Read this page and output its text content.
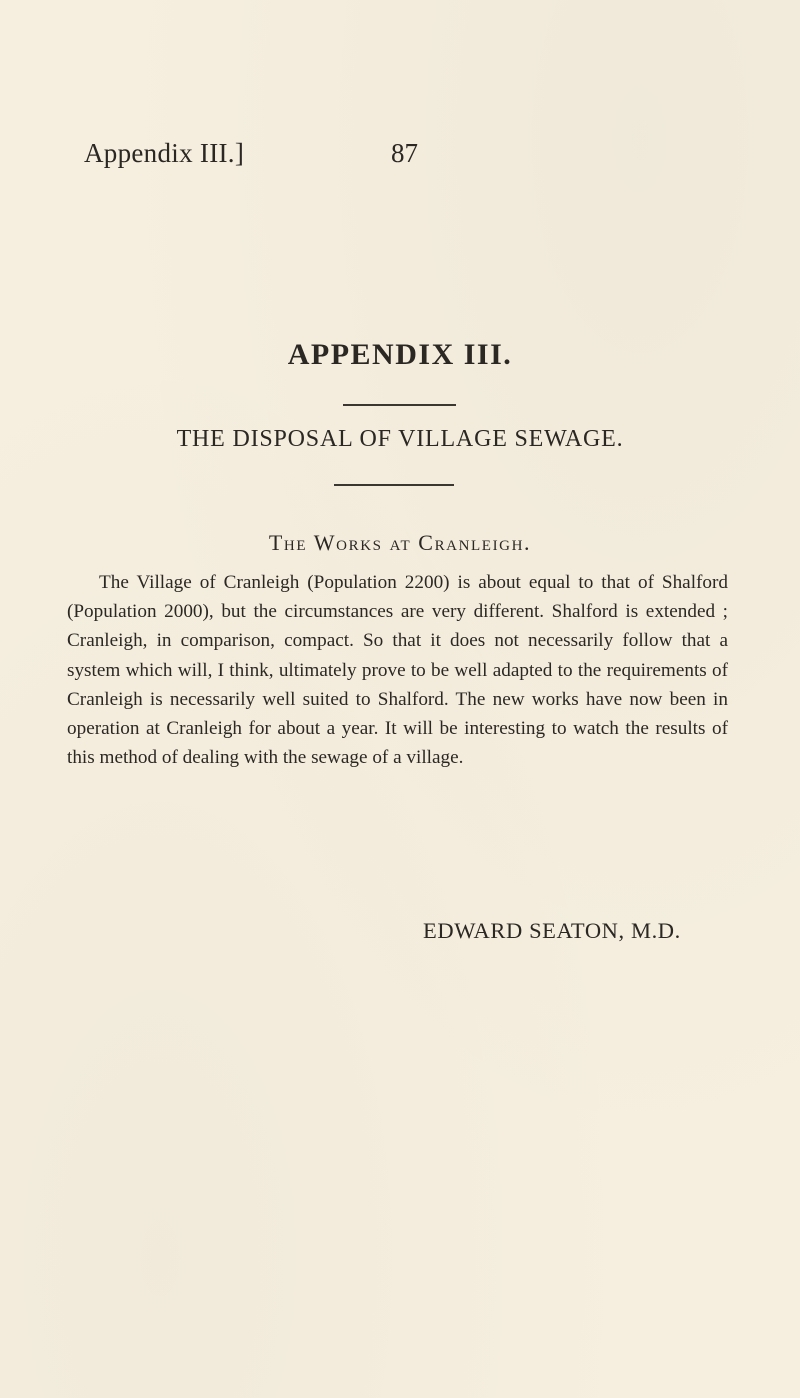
Appendix III.]	87
APPENDIX III.
THE DISPOSAL OF VILLAGE SEWAGE.
The Works at Cranleigh.

The Village of Cranleigh (Population 2200) is about equal to that of Shalford (Population 2000), but the circumstances are very different. Shalford is extended ; Cranleigh, in comparison, compact. So that it does not necessarily follow that a system which will, I think, ultimately prove to be well adapted to the requirements of Cranleigh is necessarily well suited to Shalford. The new works have now been in operation at Cranleigh for about a year. It will be interesting to watch the results of this method of dealing with the sewage of a village.

EDWARD SEATON, M.D.
